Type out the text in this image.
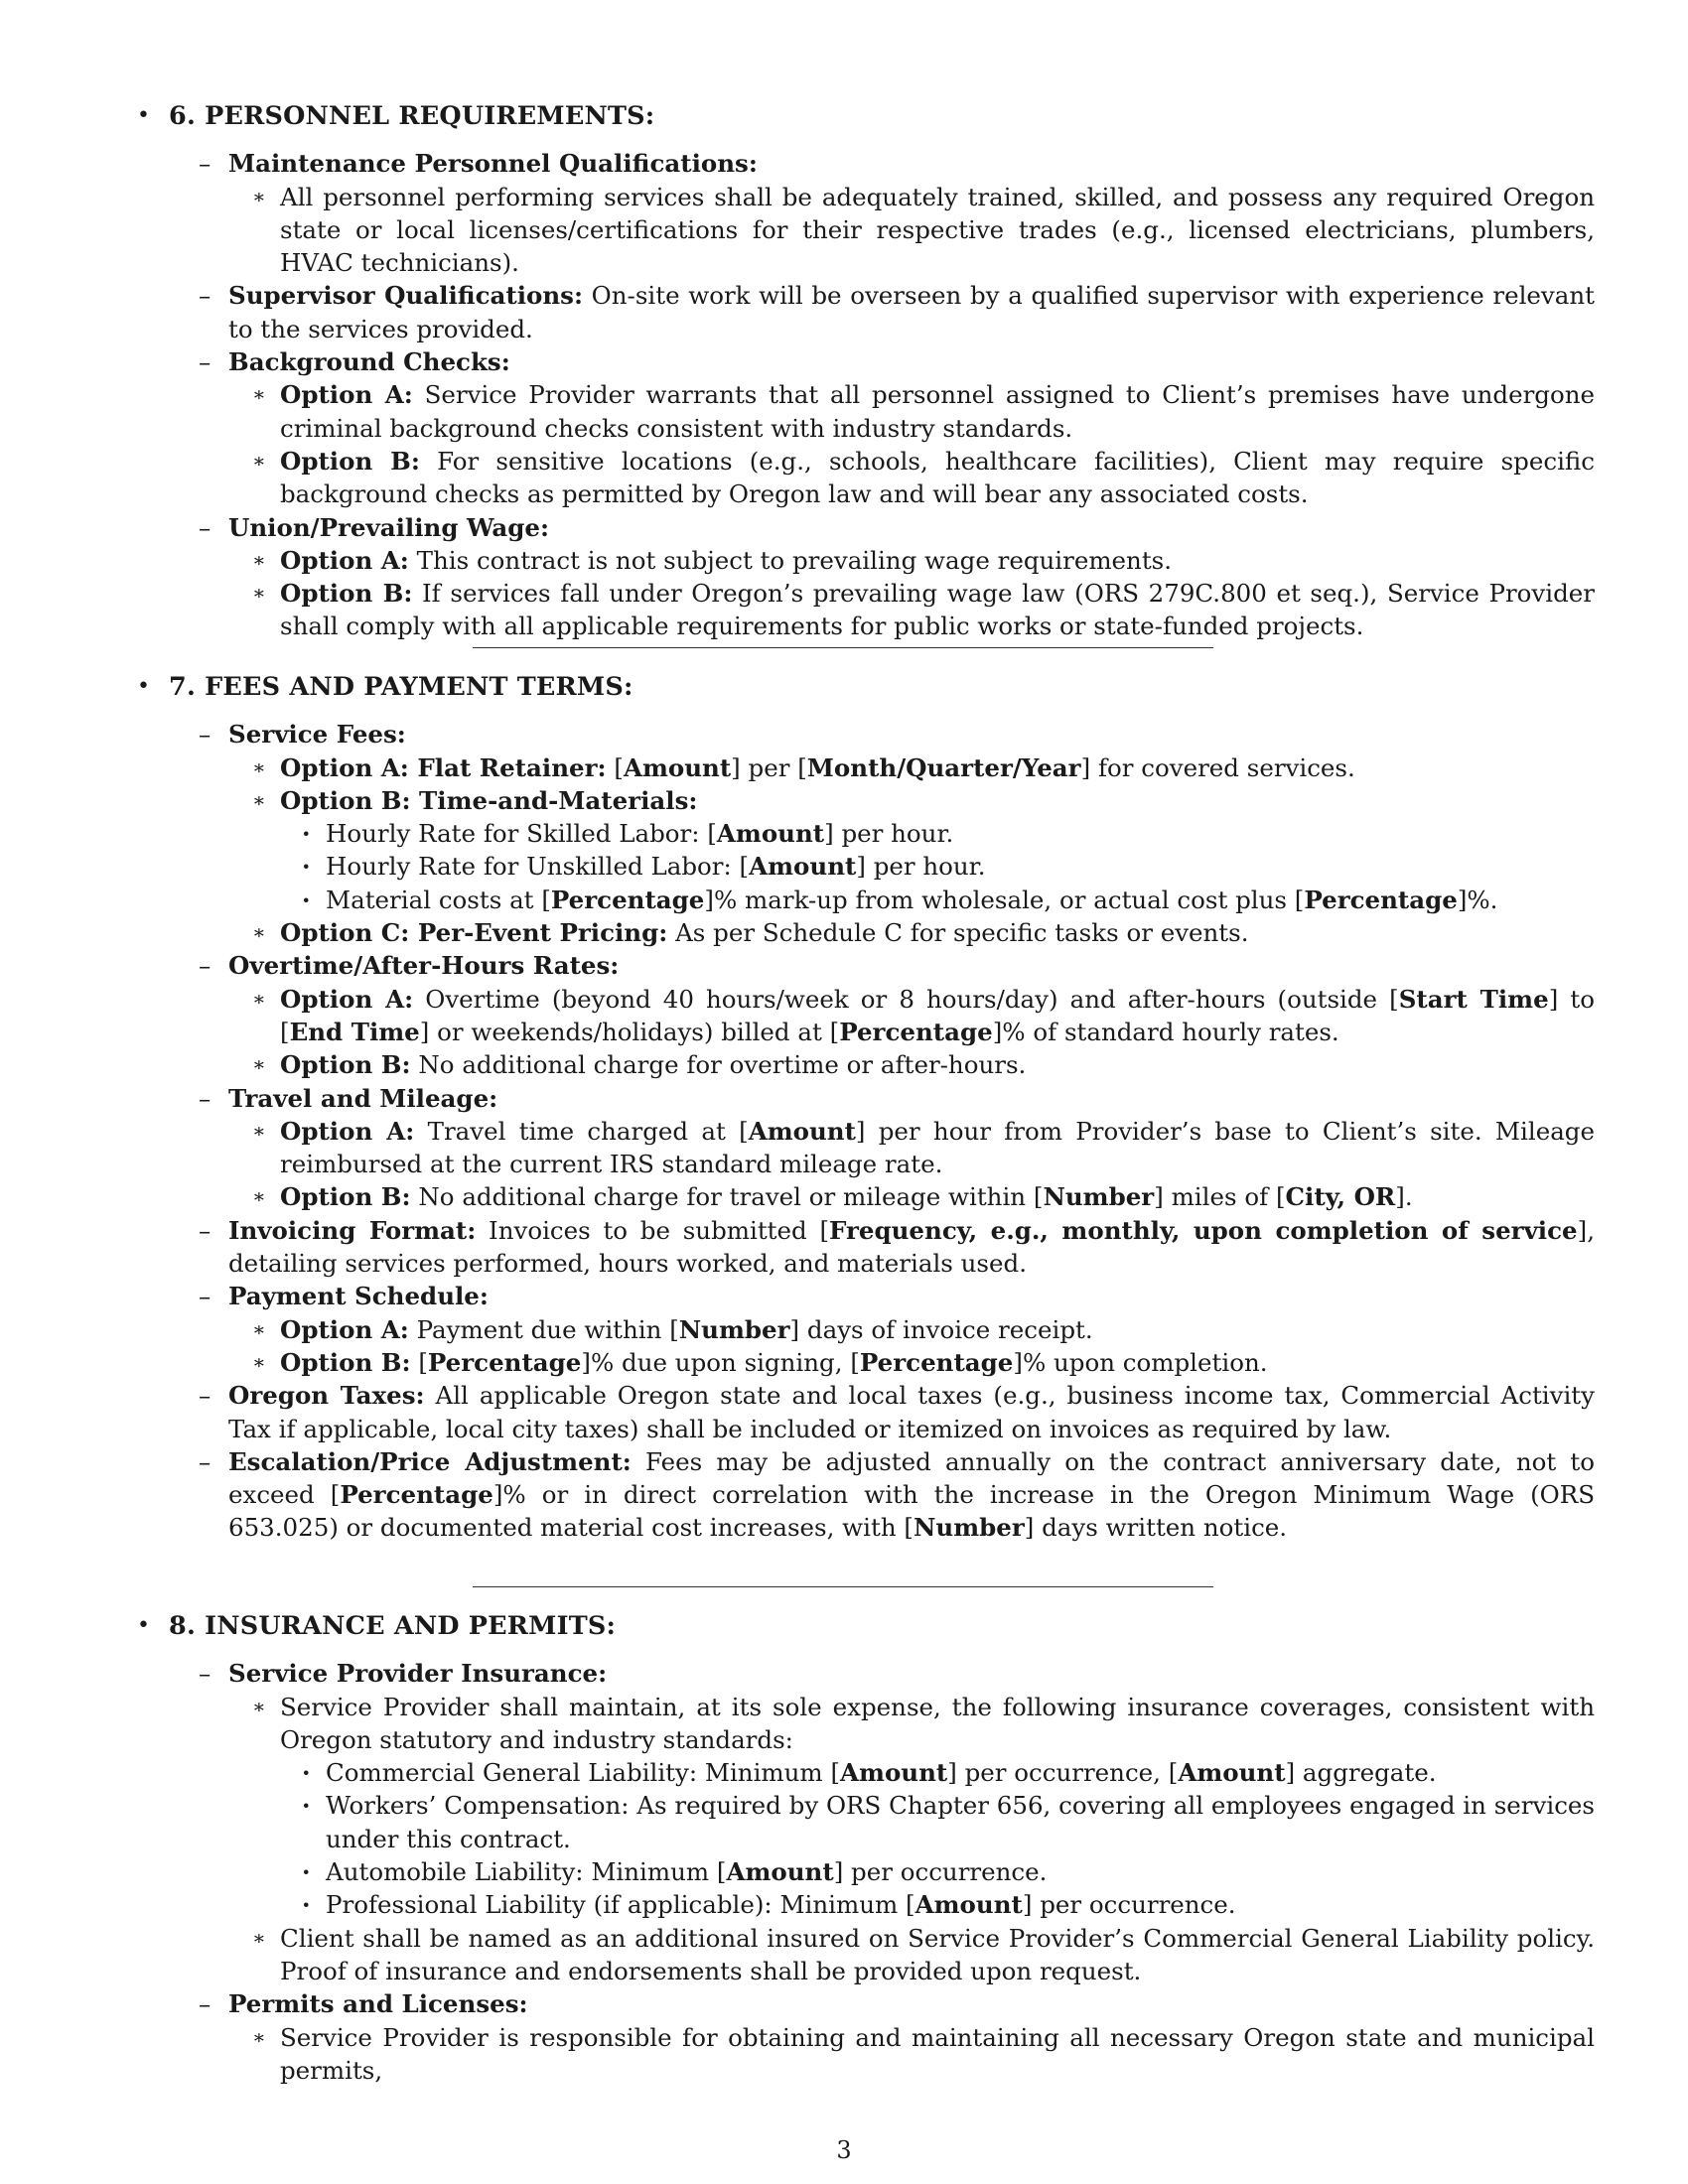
• 6. PERSONNEL REQUIREMENTS:
– Maintenance Personnel Qualifications:
∗ All personnel performing services shall be adequately trained, skilled, and possess any required Oregon state or local licenses/certifications for their respective trades (e.g., licensed electricians, plumbers, HVAC technicians).
– Supervisor Qualifications: On-site work will be overseen by a qualified supervisor with experience relevant to the services provided.
– Background Checks:
∗ Option A: Service Provider warrants that all personnel assigned to Client’s premises have undergone criminal background checks consistent with industry standards.
∗ Option B: For sensitive locations (e.g., schools, healthcare facilities), Client may require specific background checks as permitted by Oregon law and will bear any associated costs.
– Union/Prevailing Wage:
∗ Option A: This contract is not subject to prevailing wage requirements.
∗ Option B: If services fall under Oregon’s prevailing wage law (ORS 279C.800 et seq.), Service Provider shall comply with all applicable requirements for public works or state-funded projects.
• 7. FEES AND PAYMENT TERMS:
– Service Fees:
∗ Option A: Flat Retainer: [Amount] per [Month/Quarter/Year] for covered services.
∗ Option B: Time-and-Materials:
· Hourly Rate for Skilled Labor: [Amount] per hour.
· Hourly Rate for Unskilled Labor: [Amount] per hour.
· Material costs at [Percentage]% mark-up from wholesale, or actual cost plus [Percentage]%.
∗ Option C: Per-Event Pricing: As per Schedule C for specific tasks or events.
– Overtime/After-Hours Rates:
∗ Option A: Overtime (beyond 40 hours/week or 8 hours/day) and after-hours (outside [Start Time] to [End Time] or weekends/holidays) billed at [Percentage]% of standard hourly rates.
∗ Option B: No additional charge for overtime or after-hours.
– Travel and Mileage:
∗ Option A: Travel time charged at [Amount] per hour from Provider’s base to Client’s site. Mileage reimbursed at the current IRS standard mileage rate.
∗ Option B: No additional charge for travel or mileage within [Number] miles of [City, OR].
– Invoicing Format: Invoices to be submitted [Frequency, e.g., monthly, upon completion of service], detailing services performed, hours worked, and materials used.
– Payment Schedule:
∗ Option A: Payment due within [Number] days of invoice receipt.
∗ Option B: [Percentage]% due upon signing, [Percentage]% upon completion.
– Oregon Taxes: All applicable Oregon state and local taxes (e.g., business income tax, Commercial Activity Tax if applicable, local city taxes) shall be included or itemized on invoices as required by law.
– Escalation/Price Adjustment: Fees may be adjusted annually on the contract anniversary date, not to exceed [Percentage]% or in direct correlation with the increase in the Oregon Minimum Wage (ORS 653.025) or documented material cost increases, with [Number] days written notice.
• 8. INSURANCE AND PERMITS:
– Service Provider Insurance:
∗ Service Provider shall maintain, at its sole expense, the following insurance coverages, consistent with Oregon statutory and industry standards:
· Commercial General Liability: Minimum [Amount] per occurrence, [Amount] aggregate.
· Workers’ Compensation: As required by ORS Chapter 656, covering all employees engaged in services under this contract.
· Automobile Liability: Minimum [Amount] per occurrence.
· Professional Liability (if applicable): Minimum [Amount] per occurrence.
∗ Client shall be named as an additional insured on Service Provider’s Commercial General Liability policy. Proof of insurance and endorsements shall be provided upon request.
– Permits and Licenses:
∗ Service Provider is responsible for obtaining and maintaining all necessary Oregon state and municipal permits,
3
